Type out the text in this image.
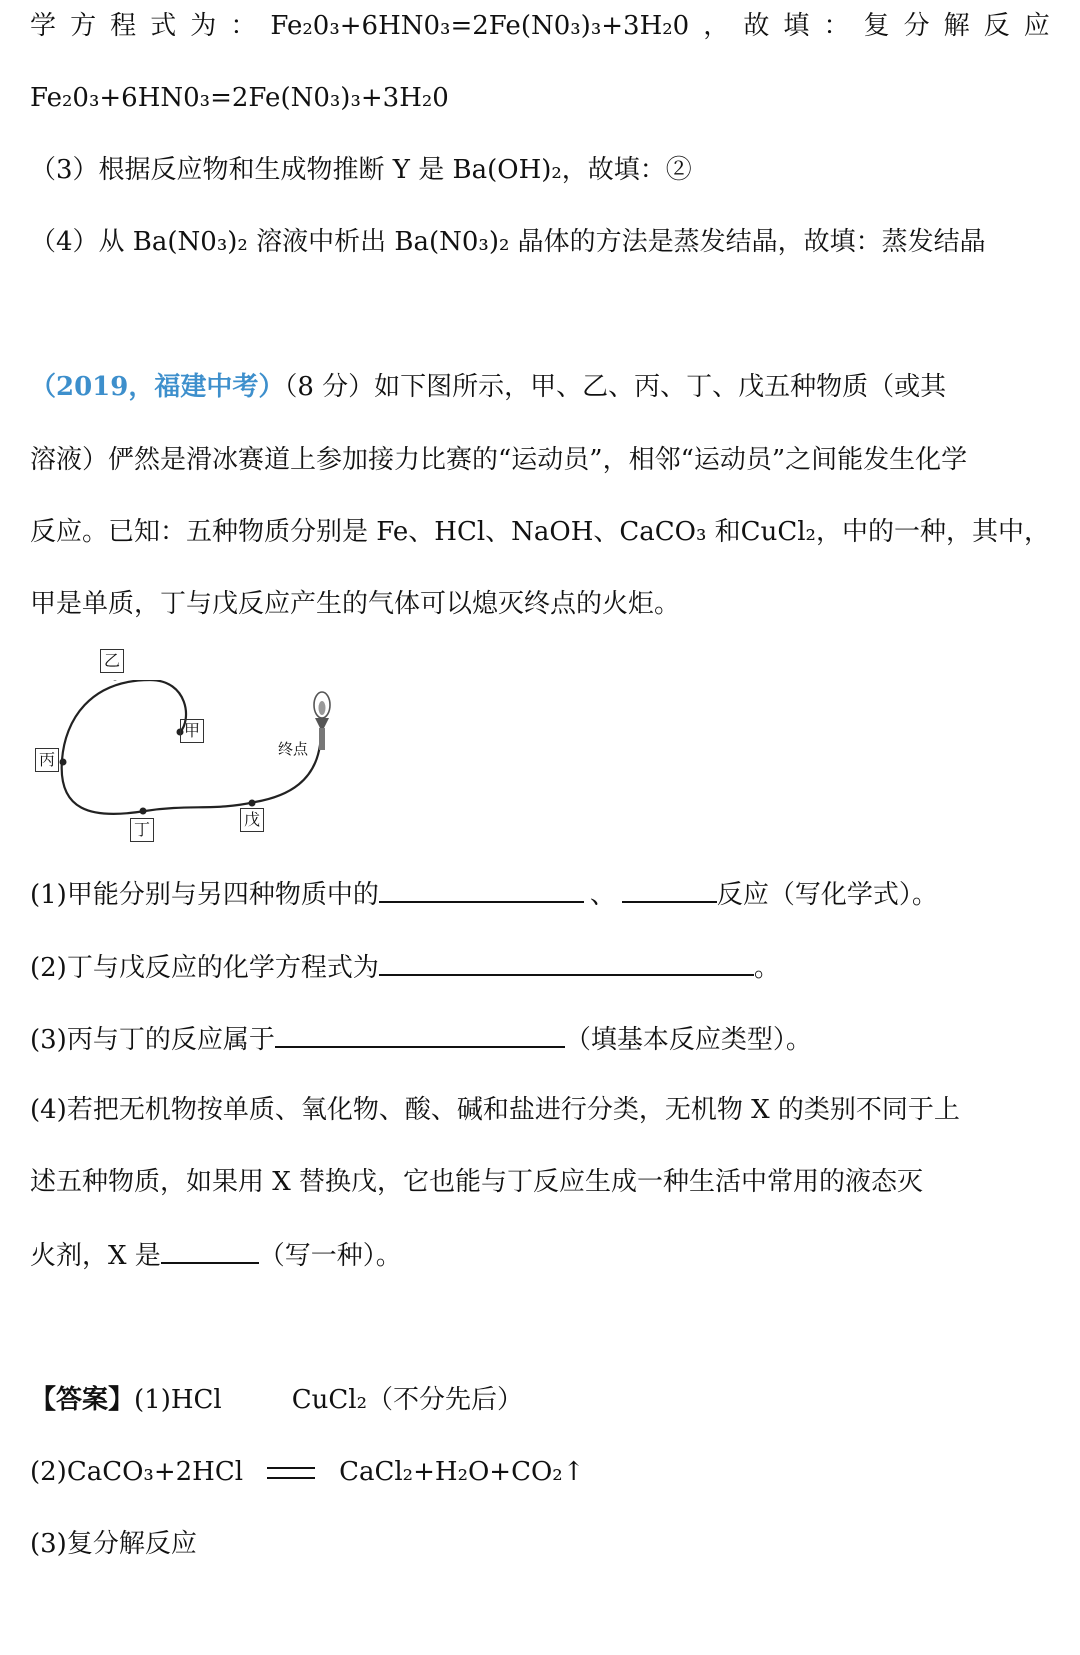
学 方 程 式 为 ： Fe₂0₃+6HN0₃=2Fe(N0₃)₃+3H₂0 ， 故 填 ： 复 分 解 反 应
Fe₂0₃+6HN0₃=2Fe(N0₃)₃+3H₂0
（3）根据反应物和生成物推断 Y 是 Ba(OH)₂，故填：②
（4）从 Ba(N0₃)₂ 溶液中析出 Ba(N0₃)₂ 晶体的方法是蒸发结晶，故填：蒸发结晶
（2019，福建中考）（8 分）如下图所示，甲、乙、丙、丁、戊五种物质（或其
溶液）俨然是滑冰赛道上参加接力比赛的“运动员”，相邻“运动员”之间能发生化学
反应。已知：五种物质分别是 Fe、HCl、NaOH、CaCO₃ 和CuCl₂，中的一种，其中，
甲是单质，丁与戊反应产生的气体可以熄灭终点的火炬。
乙
甲
丙
丁
戊
终点
(1)甲能分别与另四种物质中的	、	反应（写化学式）。
(2)丁与戊反应的化学方程式为	。
(3)丙与丁的反应属于	（填基本反应类型）。
(4)若把无机物按单质、氧化物、酸、碱和盐进行分类，无机物 X 的类别不同于上
述五种物质，如果用 X 替换戊，它也能与丁反应生成一种生活中常用的液态灭
火剂，X 是	（写一种）。
【答案】(1)HCl	CuCl₂（不分先后）
(2)CaCO₃+2HCl	CaCl₂+H₂O+CO₂↑
(3)复分解反应
